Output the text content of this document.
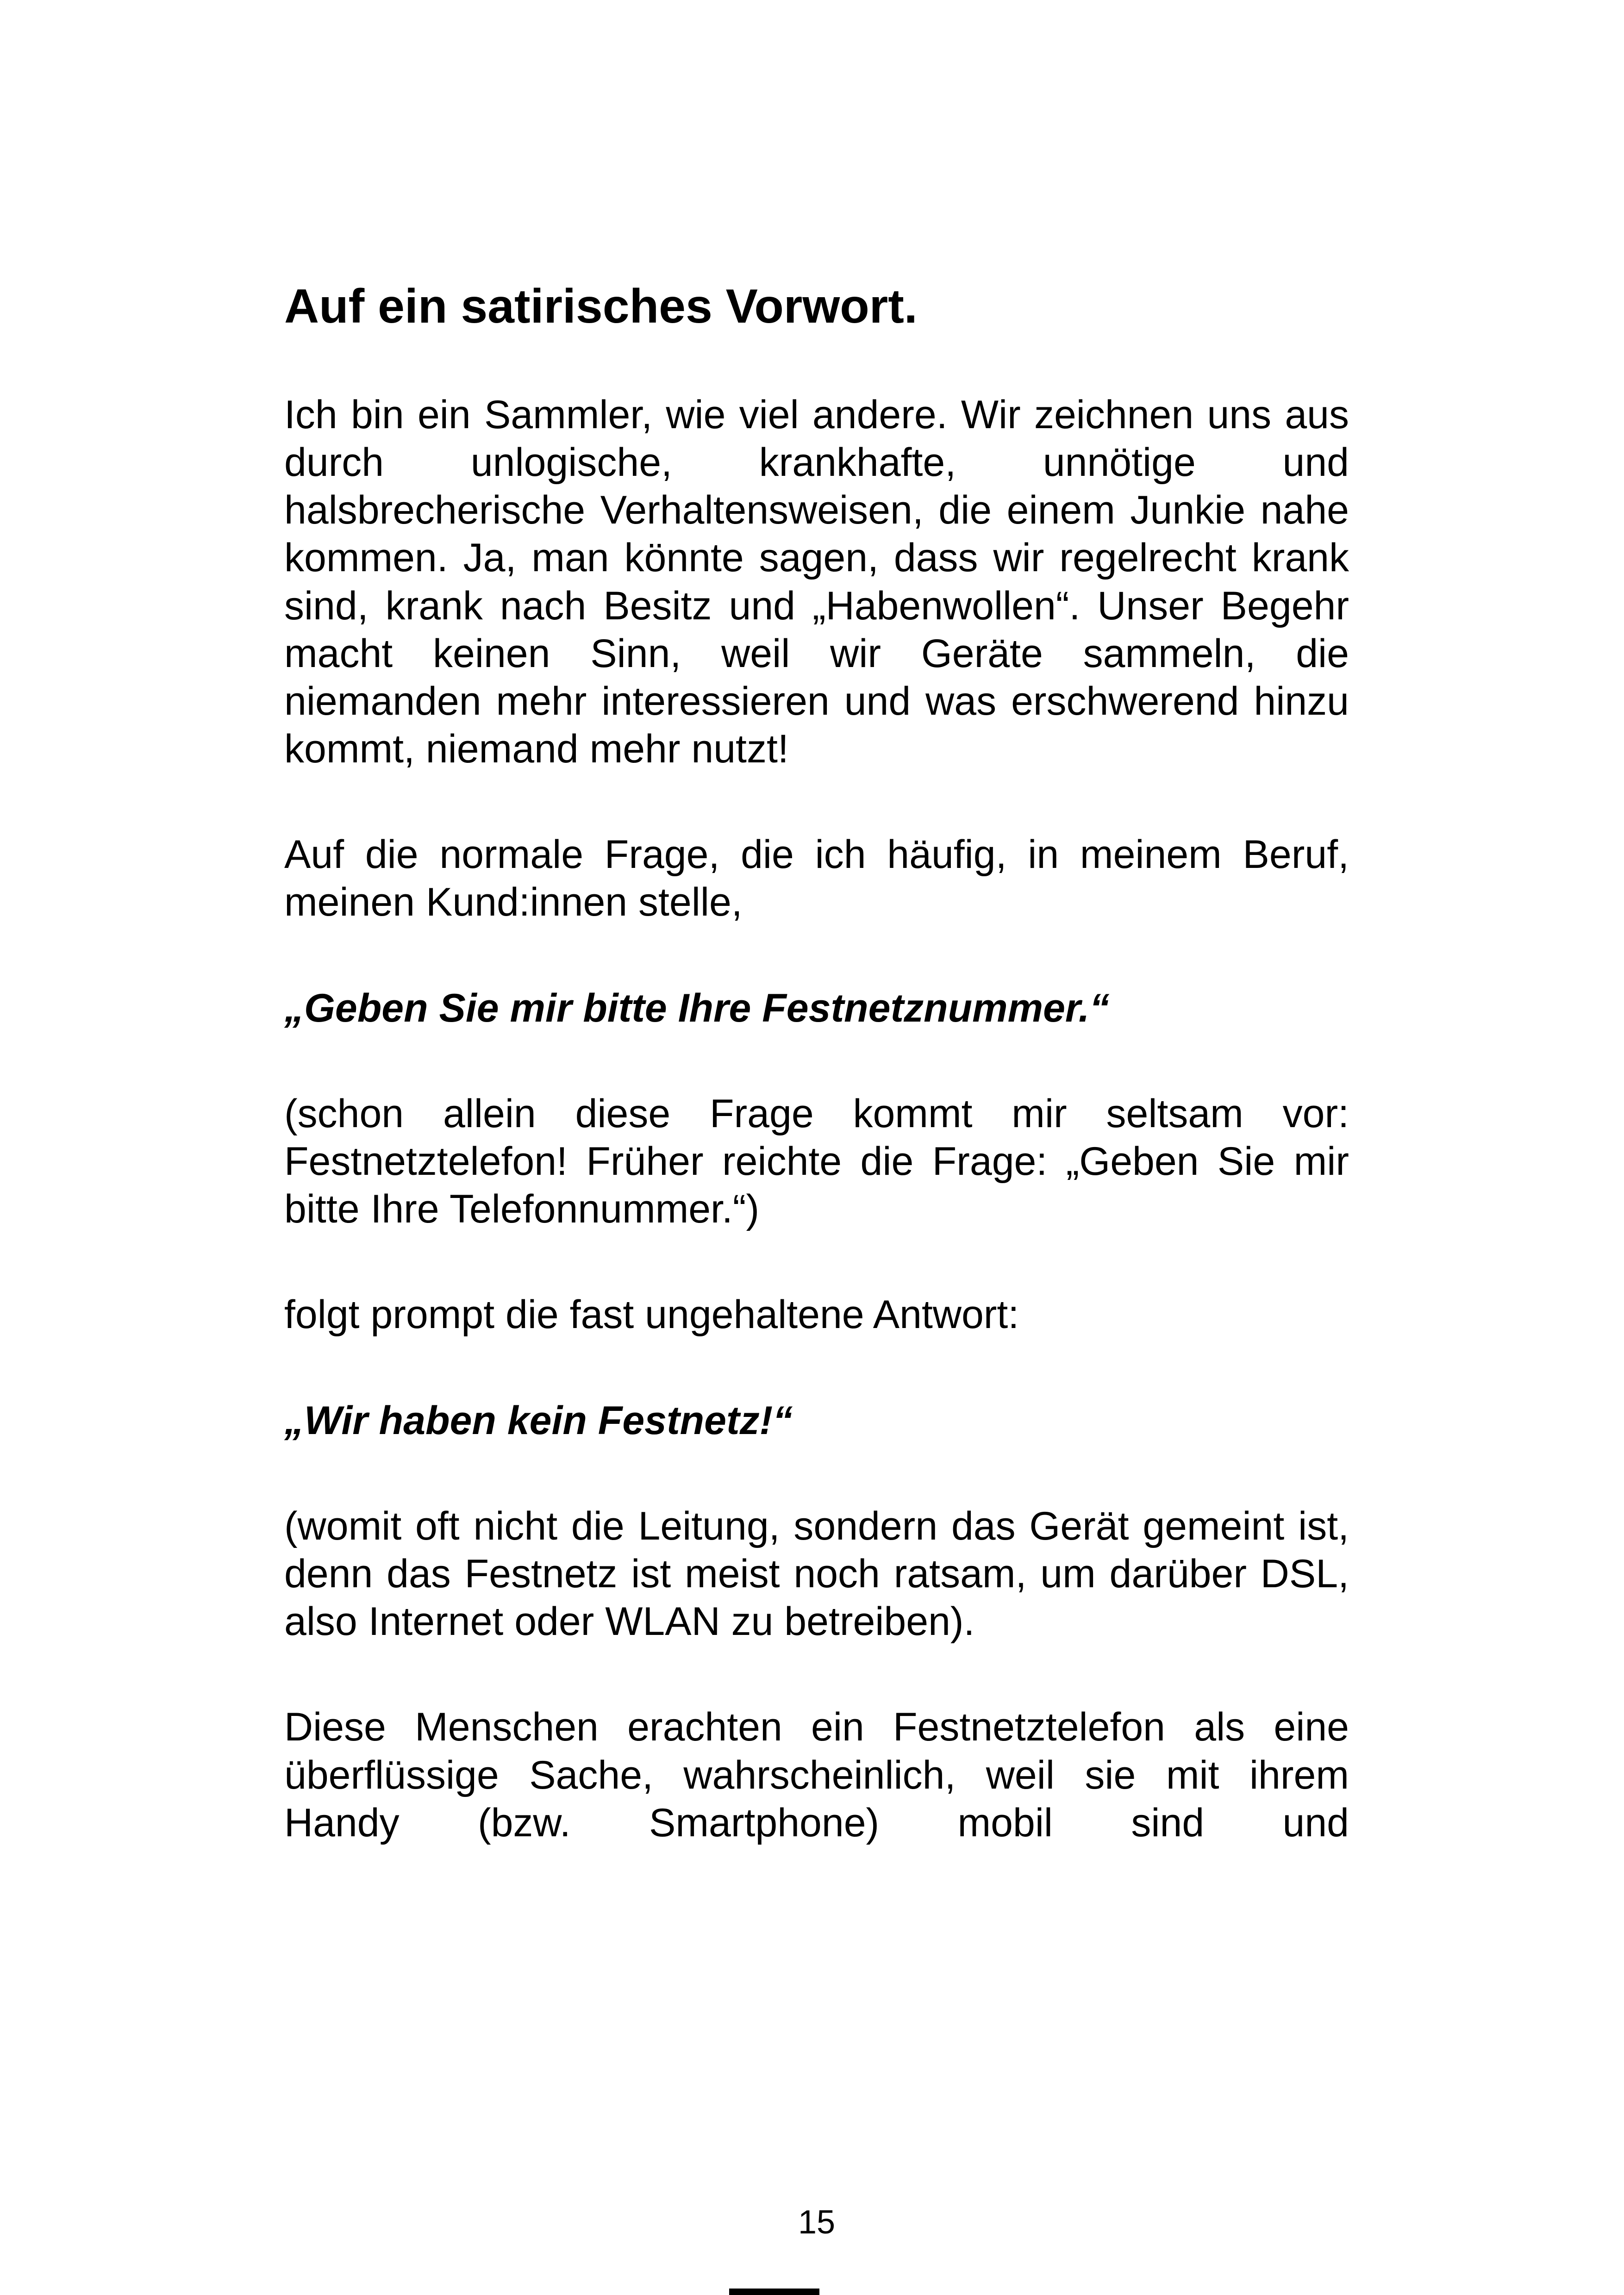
Auf ein satirisches Vorwort.

Ich bin ein Sammler, wie viel andere. Wir zeichnen uns aus durch unlogische, krankhafte, unnötige und halsbrecherische Verhaltensweisen, die einem Junkie nahe kommen. Ja, man könnte sagen, dass wir regelrecht krank sind, krank nach Besitz und „Habenwollen“. Unser Begehr macht keinen Sinn, weil wir Geräte sammeln, die niemanden mehr interessieren und was erschwerend hinzu kommt, niemand mehr nutzt!

Auf die normale Frage, die ich häufig, in meinem Beruf, meinen Kund:innen stelle,

„Geben Sie mir bitte Ihre Festnetznummer.“

(schon allein diese Frage kommt mir seltsam vor: Festnetztelefon! Früher reichte die Frage: „Geben Sie mir bitte Ihre Telefonnummer.“)

folgt prompt die fast ungehaltene Antwort:

„Wir haben kein Festnetz!“

(womit oft nicht die Leitung, sondern das Gerät gemeint ist, denn das Festnetz ist meist noch ratsam, um darüber DSL, also Internet oder WLAN zu betreiben).

Diese Menschen erachten ein Festnetztelefon als eine überflüssige Sache, wahrscheinlich, weil sie mit ihrem Handy (bzw. Smartphone) mobil sind und

15
